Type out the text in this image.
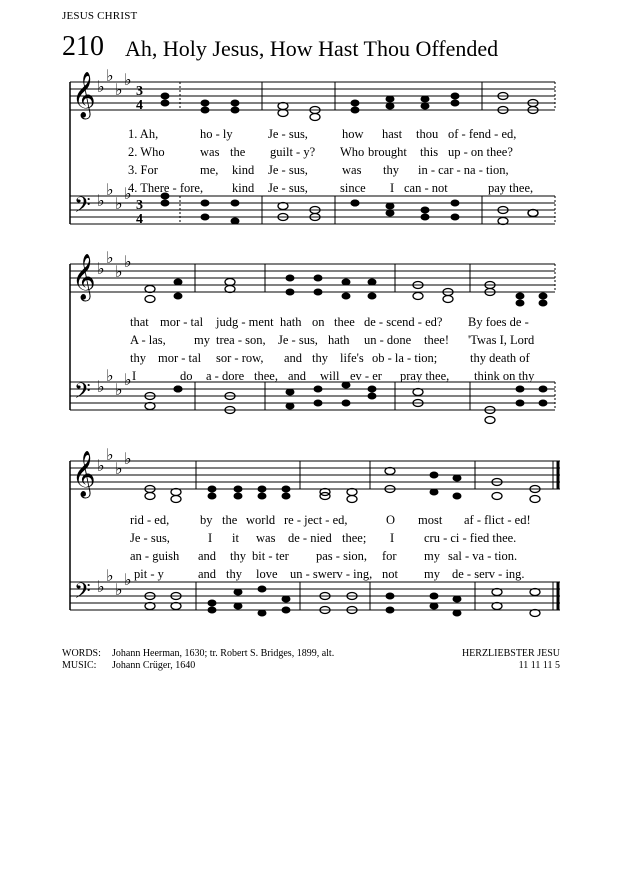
JESUS CHRIST
210 Ah, Holy Jesus, How Hast Thou Offended
𝄞
𝄢
♭
♭
♭
♭
♭
♭
♭
♭
3
4
3
4
1. Ah,	ho - ly	Je - sus,	how hast thou of - fend - ed,
2. Who	was the guilt - y? Who brought this up - on thee?
3. For	me, kind Je - sus,	was thy in - car - na - tion,
4. There - fore, kind Je - sus,	since I can - not	pay thee,
𝄞
𝄢
♭
♭
♭
♭
♭
♭
♭
♭
that mor - tal judg - ment hath on thee de - scend - ed? By foes de -
A - las, my trea - son, Je - sus, hath un - done thee! 'Twas I, Lord
thy mor - tal sor - row, and thy life's ob - la - tion;	thy death of
I	do a - dore thee, and will ev - er pray thee, think on thy
𝄞
𝄢
♭
♭
♭
♭
♭
♭
♭
♭
rid - ed, by the world re - ject - ed,	O most af - flict - ed!
Je - sus,	I it was de - nied thee; I cru - ci - fied thee.
an - guish and thy bit - ter pas - sion, for my sal - va - tion.
pit - y	and thy love un - swerv - ing, not my de - serv - ing.
WORDS: Johann Heerman, 1630; tr. Robert S. Bridges, 1899, alt.
MUSIC: Johann Crüger, 1640
HERZLIEBSTER JESU
11 11 11 5
